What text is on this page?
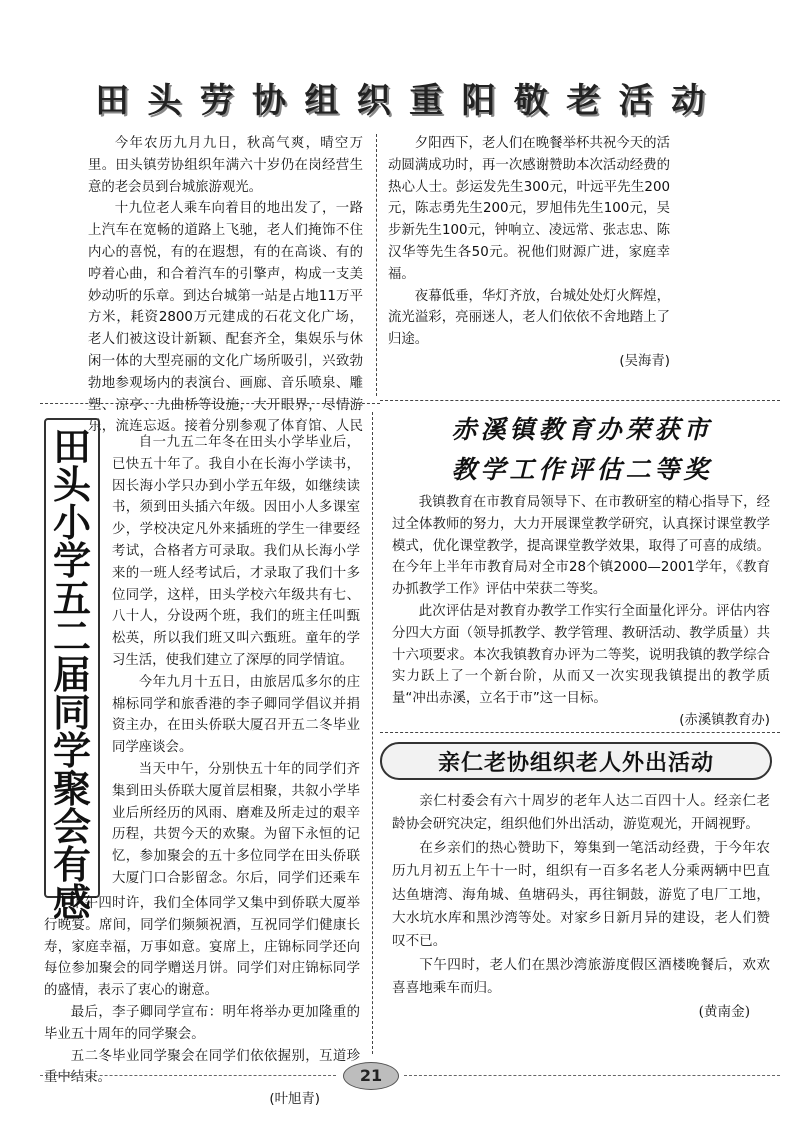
田 头 劳 协 组 织 重 阳 敬 老 活 动

今年农历九月九日，秋高气爽，晴空万里。田头镇劳协组织年满六十岁仍在岗经营生意的老会员到台城旅游观光。

十九位老人乘车向着目的地出发了，一路上汽车在宽畅的道路上飞驰，老人们掩饰不住内心的喜悦，有的在遐想，有的在高谈、有的哼着心曲，和合着汽车的引擎声，构成一支美妙动听的乐章。到达台城第一站是占地11万平方米，耗资2800万元建成的石花文化广场，老人们被这设计新颖、配套齐全，集娱乐与休闲一体的大型亮丽的文化广场所吸引，兴致勃勃地参观场内的表演台、画廊、音乐喷泉、雕塑、凉亭、九曲桥等设施，大开眼界，尽情游乐，流连忘返。接着分别参观了体育馆、人民

夕阳西下，老人们在晚餐举杯共祝今天的活动圆满成功时，再一次感谢赞助本次活动经费的热心人士。彭运发先生300元，叶远平先生200元，陈志勇先生200元，罗旭伟先生100元，吴步新先生100元，钟响立、凌远常、张志忠、陈汉华等先生各50元。祝他们财源广进，家庭幸福。

夜幕低垂，华灯齐放，台城处处灯火辉煌，流光溢彩，亮丽迷人，老人们依依不舍地踏上了归途。

(吴海青)
田
头
小
学
五
二
届
同
学
聚
会
有
感

自一九五二年冬在田头小学毕业后，已快五十年了。我自小在长海小学读书，因长海小学只办到小学五年级，如继续读书，须到田头插六年级。因田小人多课室少，学校决定凡外来插班的学生一律要经考试，合格者方可录取。我们从长海小学来的一班人经考试后，才录取了我们十多位同学，这样，田头学校六年级共有七、八十人，分设两个班，我们的班主任叫甄松英，所以我们班又叫六甄班。童年的学习生活，使我们建立了深厚的同学情谊。

今年九月十五日，由旅居瓜多尔的庄棉标同学和旅香港的李子卿同学倡议并捐资主办，在田头侨联大厦召开五二冬毕业同学座谈会。

当天中午，分别快五十年的同学们齐集到田头侨联大厦首层相聚，共叙小学毕业后所经历的风雨、磨难及所走过的艰辛历程，共贺今天的欢聚。为留下永恒的记忆，参加聚会的五十多位同学在田头侨联大厦门口合影留念。尔后，同学们还乘车

下午四时许，我们全体同学又集中到侨联大厦举行晚宴。席间，同学们频频祝酒，互祝同学们健康长寿，家庭幸福，万事如意。宴席上，庄锦标同学还向每位参加聚会的同学赠送月饼。同学们对庄锦标同学的盛情，表示了衷心的谢意。

最后，李子卿同学宣布：明年将举办更加隆重的毕业五十周年的同学聚会。

五二冬毕业同学聚会在同学们依依握别，互道珍重中结束。

(叶旭青)
赤溪镇教育办荣获市
教学工作评估二等奖

我镇教育在市教育局领导下、在市教研室的精心指导下，经过全体教师的努力，大力开展课堂教学研究，认真探讨课堂教学模式，优化课堂教学，提高课堂教学效果，取得了可喜的成绩。在今年上半年市教育局对全市28个镇2000—2001学年，《教育办抓教学工作》评估中荣获二等奖。

此次评估是对教育办教学工作实行全面量化评分。评估内容分四大方面（领导抓教学、教学管理、教研活动、教学质量）共十六项要求。本次我镇教育办评为二等奖，说明我镇的教学综合实力跃上了一个新台阶，从而又一次实现我镇提出的教学质量“冲出赤溪，立名于市”这一目标。

(赤溪镇教育办)
亲仁老协组织老人外出活动

亲仁村委会有六十周岁的老年人达二百四十人。经亲仁老龄协会研究决定，组织他们外出活动，游览观光，开阔视野。

在乡亲们的热心赞助下，筹集到一笔活动经费，于今年农历九月初五上午十一时，组织有一百多名老人分乘两辆中巴直达鱼塘湾、海角城、鱼塘码头，再往铜鼓，游览了电厂工地，大水坑水库和黑沙湾等处。对家乡日新月异的建设，老人们赞叹不已。

下午四时，老人们在黑沙湾旅游度假区酒楼晚餐后，欢欢喜喜地乘车而归。

(黄南金)
21
